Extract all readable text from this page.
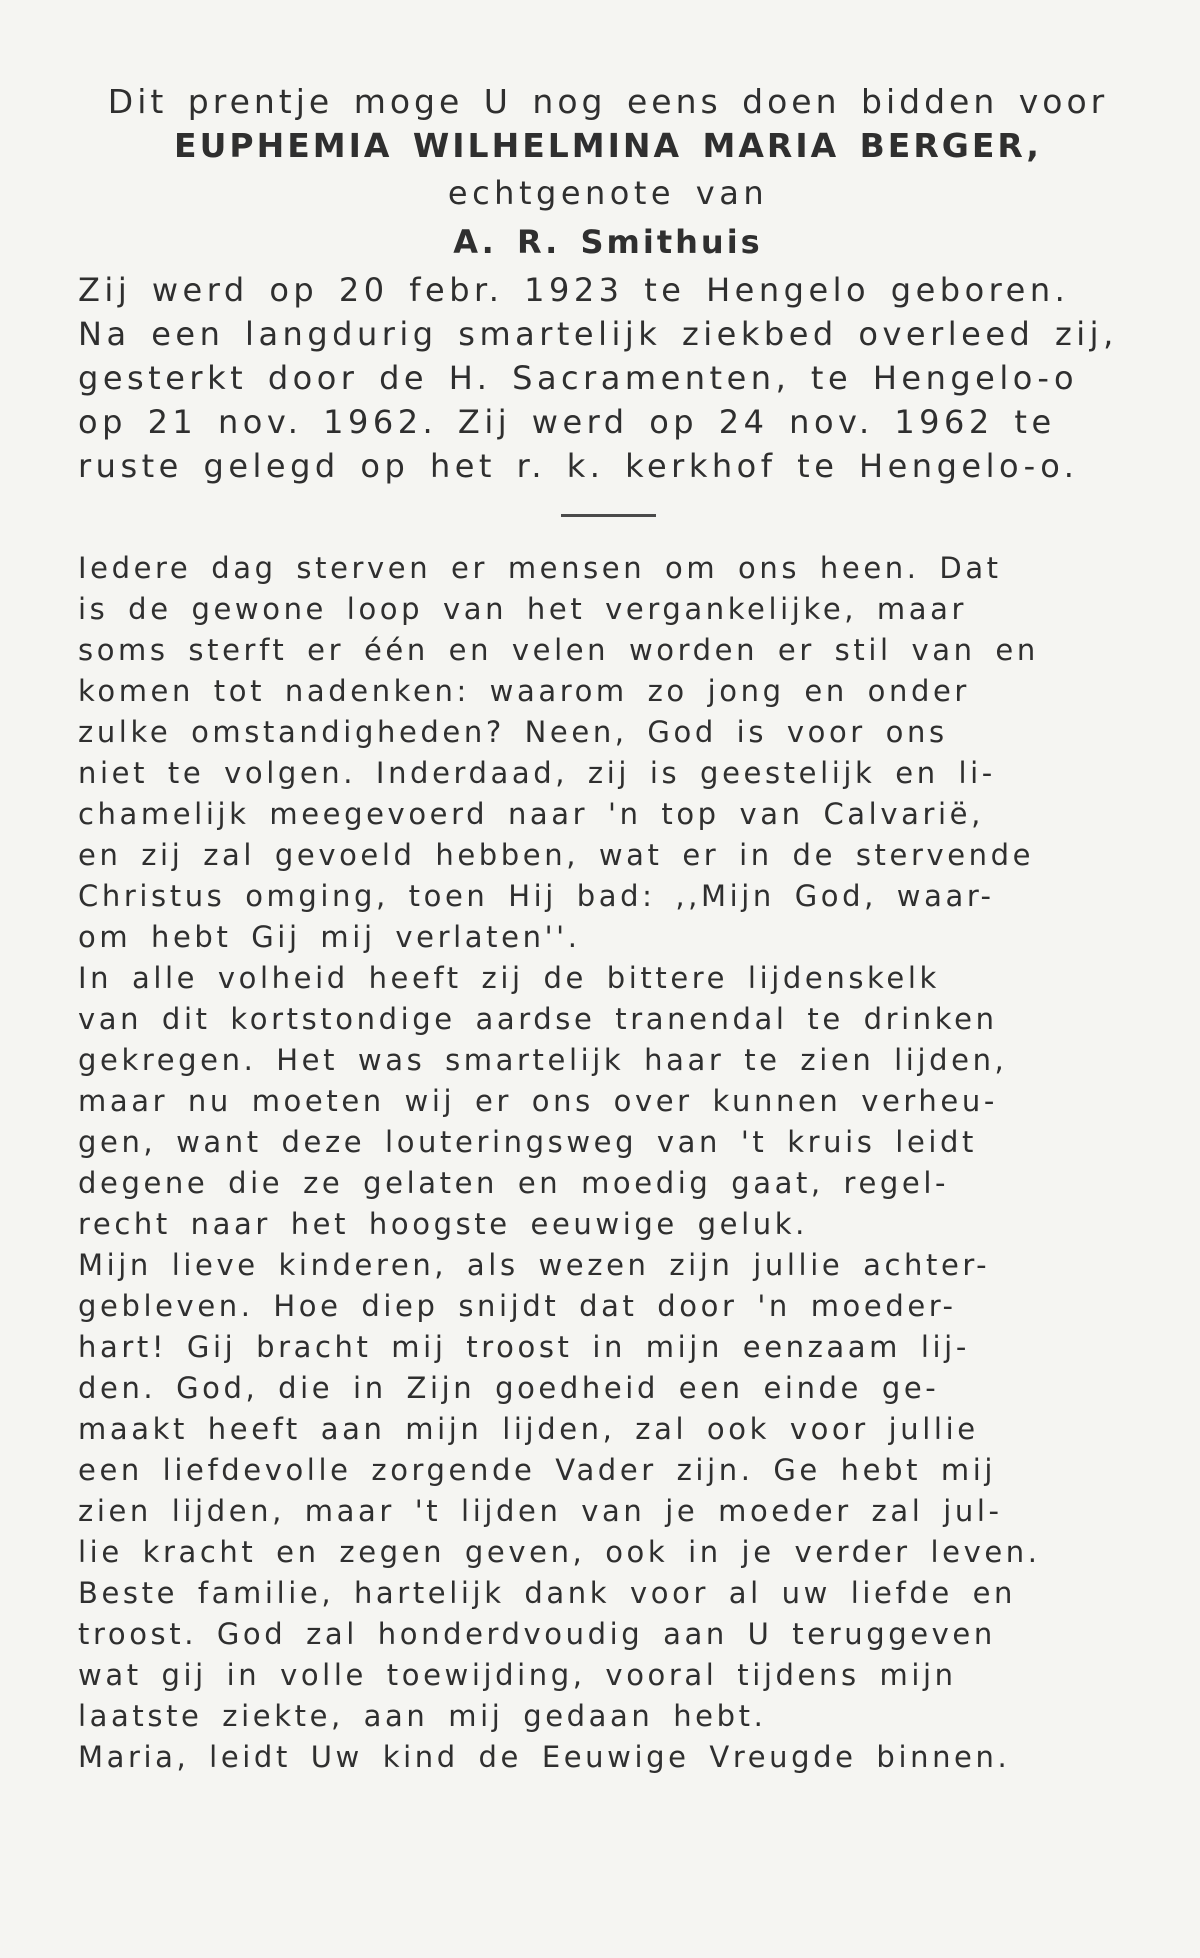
Dit prentje moge U nog eens doen bidden voor
EUPHEMIA WILHELMINA MARIA BERGER,
echtgenote van
A. R. Smithuis
Zij werd op 20 febr. 1923 te Hengelo geboren.
Na een langdurig smartelijk ziekbed overleed zij,
gesterkt door de H. Sacramenten, te Hengelo-o
op 21 nov. 1962. Zij werd op 24 nov. 1962 te
ruste gelegd op het r. k. kerkhof te Hengelo-o.
Iedere dag sterven er mensen om ons heen. Dat
is de gewone loop van het vergankelijke, maar
soms sterft er één en velen worden er stil van en
komen tot nadenken: waarom zo jong en onder
zulke omstandigheden? Neen, God is voor ons
niet te volgen. Inderdaad, zij is geestelijk en li-
chamelijk meegevoerd naar 'n top van Calvarië,
en zij zal gevoeld hebben, wat er in de stervende
Christus omging, toen Hij bad: ,,Mijn God, waar-
om hebt Gij mij verlaten''.
In alle volheid heeft zij de bittere lijdenskelk
van dit kortstondige aardse tranendal te drinken
gekregen. Het was smartelijk haar te zien lijden,
maar nu moeten wij er ons over kunnen verheu-
gen, want deze louteringsweg van 't kruis leidt
degene die ze gelaten en moedig gaat, regel-
recht naar het hoogste eeuwige geluk.
Mijn lieve kinderen, als wezen zijn jullie achter-
gebleven. Hoe diep snijdt dat door 'n moeder-
hart! Gij bracht mij troost in mijn eenzaam lij-
den. God, die in Zijn goedheid een einde ge-
maakt heeft aan mijn lijden, zal ook voor jullie
een liefdevolle zorgende Vader zijn. Ge hebt mij
zien lijden, maar 't lijden van je moeder zal jul-
lie kracht en zegen geven, ook in je verder leven.
Beste familie, hartelijk dank voor al uw liefde en
troost. God zal honderdvoudig aan U teruggeven
wat gij in volle toewijding, vooral tijdens mijn
laatste ziekte, aan mij gedaan hebt.
Maria, leidt Uw kind de Eeuwige Vreugde binnen.
